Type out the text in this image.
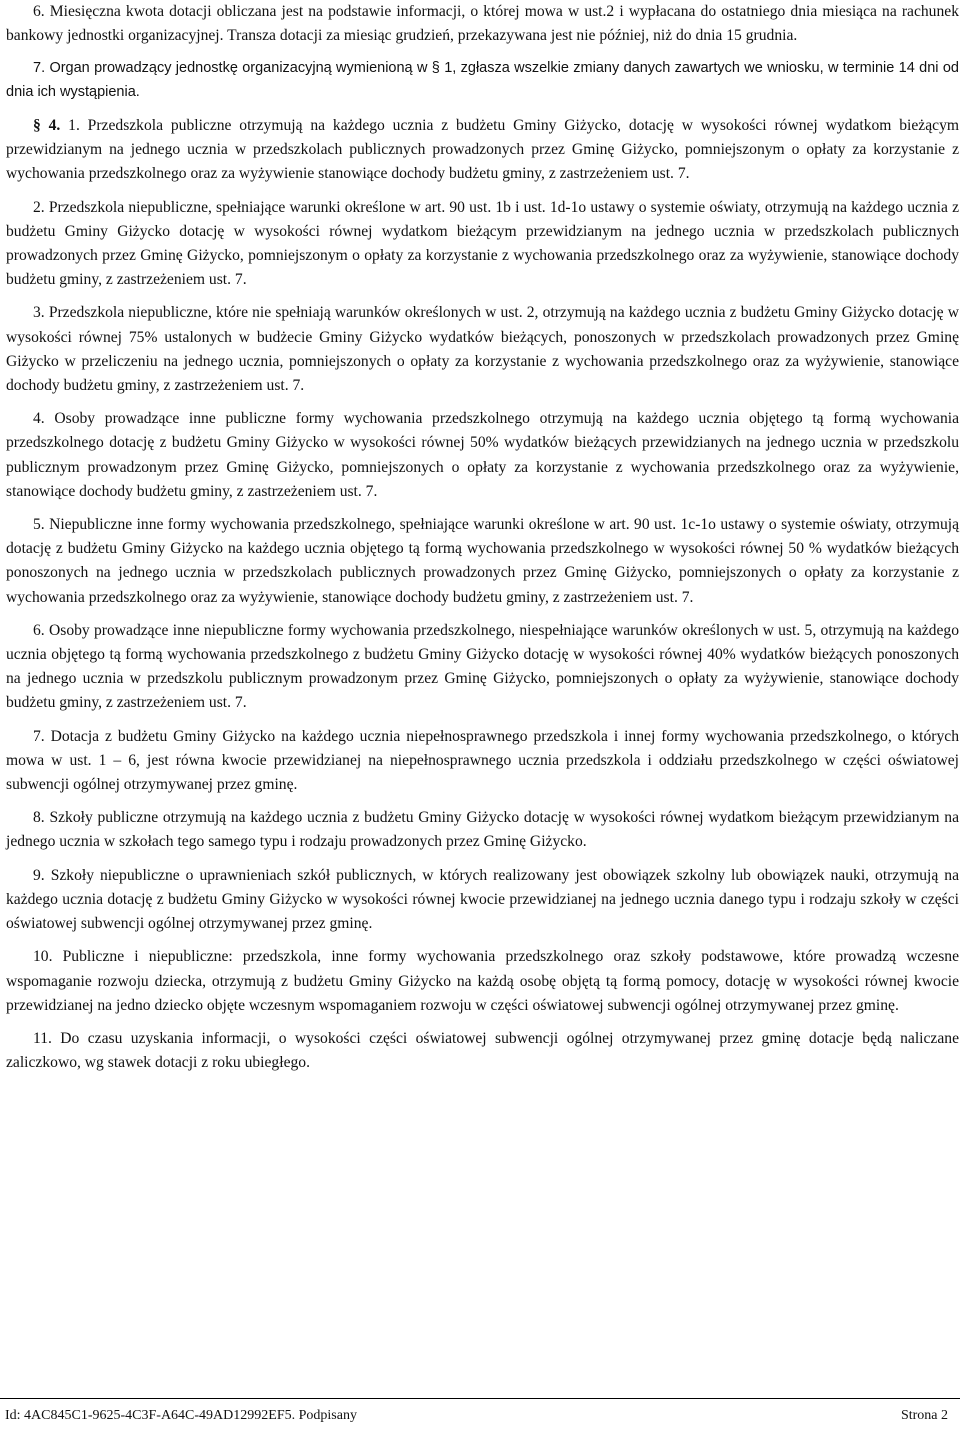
6. Miesięczna kwota dotacji obliczana jest na podstawie informacji, o której mowa w ust.2 i wypłacana do ostatniego dnia miesiąca na rachunek bankowy jednostki organizacyjnej. Transza dotacji za miesiąc grudzień, przekazywana jest nie później, niż do dnia 15 grudnia.

7. Organ prowadzący jednostkę organizacyjną wymienioną w § 1, zgłasza wszelkie zmiany danych zawartych we wniosku, w terminie 14 dni od dnia ich wystąpienia.

§ 4. 1. Przedszkola publiczne otrzymują na każdego ucznia z budżetu Gminy Giżycko, dotację w wysokości równej wydatkom bieżącym przewidzianym na jednego ucznia w przedszkolach publicznych prowadzonych przez Gminę Giżycko, pomniejszonym o opłaty za korzystanie z wychowania przedszkolnego oraz za wyżywienie stanowiące dochody budżetu gminy, z zastrzeżeniem ust. 7.

2. Przedszkola niepubliczne, spełniające warunki określone w art. 90 ust. 1b i ust. 1d-1o ustawy o systemie oświaty, otrzymują na każdego ucznia z budżetu Gminy Giżycko dotację w wysokości równej wydatkom bieżącym przewidzianym na jednego ucznia w przedszkolach publicznych prowadzonych przez Gminę Giżycko, pomniejszonym o opłaty za korzystanie z wychowania przedszkolnego oraz za wyżywienie, stanowiące dochody budżetu gminy, z zastrzeżeniem ust. 7.

3. Przedszkola niepubliczne, które nie spełniają warunków określonych w ust. 2, otrzymują na każdego ucznia z budżetu Gminy Giżycko dotację w wysokości równej 75% ustalonych w budżecie Gminy Giżycko wydatków bieżących, ponoszonych w przedszkolach prowadzonych przez Gminę Giżycko w przeliczeniu na jednego ucznia, pomniejszonych o opłaty za korzystanie z wychowania przedszkolnego oraz za wyżywienie, stanowiące dochody budżetu gminy, z zastrzeżeniem ust. 7.

4. Osoby prowadzące inne publiczne formy wychowania przedszkolnego otrzymują na każdego ucznia objętego tą formą wychowania przedszkolnego dotację z budżetu Gminy Giżycko w wysokości równej 50% wydatków bieżących przewidzianych na jednego ucznia w przedszkolu publicznym prowadzonym przez Gminę Giżycko, pomniejszonych o opłaty za korzystanie z wychowania przedszkolnego oraz za wyżywienie, stanowiące dochody budżetu gminy, z zastrzeżeniem ust. 7.

5. Niepubliczne inne formy wychowania przedszkolnego, spełniające warunki określone w art. 90 ust. 1c-1o ustawy o systemie oświaty, otrzymują dotację z budżetu Gminy Giżycko na każdego ucznia objętego tą formą wychowania przedszkolnego w wysokości równej 50 % wydatków bieżących ponoszonych na jednego ucznia w przedszkolach publicznych prowadzonych przez Gminę Giżycko, pomniejszonych o opłaty za korzystanie z wychowania przedszkolnego oraz za wyżywienie, stanowiące dochody budżetu gminy, z zastrzeżeniem ust. 7.

6. Osoby prowadzące inne niepubliczne formy wychowania przedszkolnego, niespełniające warunków określonych w ust. 5, otrzymują na każdego ucznia objętego tą formą wychowania przedszkolnego z budżetu Gminy Giżycko dotację w wysokości równej 40% wydatków bieżących ponoszonych na jednego ucznia w przedszkolu publicznym prowadzonym przez Gminę Giżycko, pomniejszonych o opłaty za wyżywienie, stanowiące dochody budżetu gminy, z zastrzeżeniem ust. 7.

7. Dotacja z budżetu Gminy Giżycko na każdego ucznia niepełnosprawnego przedszkola i innej formy wychowania przedszkolnego, o których mowa w ust. 1 – 6, jest równa kwocie przewidzianej na niepełnosprawnego ucznia przedszkola i oddziału przedszkolnego w części oświatowej subwencji ogólnej otrzymywanej przez gminę.

8. Szkoły publiczne otrzymują na każdego ucznia z budżetu Gminy Giżycko dotację w wysokości równej wydatkom bieżącym przewidzianym na jednego ucznia w szkołach tego samego typu i rodzaju prowadzonych przez Gminę Giżycko.

9. Szkoły niepubliczne o uprawnieniach szkół publicznych, w których realizowany jest obowiązek szkolny lub obowiązek nauki, otrzymują na każdego ucznia dotację z budżetu Gminy Giżycko w wysokości równej kwocie przewidzianej na jednego ucznia danego typu i rodzaju szkoły w części oświatowej subwencji ogólnej otrzymywanej przez gminę.

10. Publiczne i niepubliczne: przedszkola, inne formy wychowania przedszkolnego oraz szkoły podstawowe, które prowadzą wczesne wspomaganie rozwoju dziecka, otrzymują z budżetu Gminy Giżycko na każdą osobę objętą tą formą pomocy, dotację w wysokości równej kwocie przewidzianej na jedno dziecko objęte wczesnym wspomaganiem rozwoju w części oświatowej subwencji ogólnej otrzymywanej przez gminę.

11. Do czasu uzyskania informacji, o wysokości części oświatowej subwencji ogólnej otrzymywanej przez gminę dotacje będą naliczane zaliczkowo, wg stawek dotacji z roku ubiegłego.

Id: 4AC845C1-9625-4C3F-A64C-49AD12992EF5. Podpisany	Strona 2
